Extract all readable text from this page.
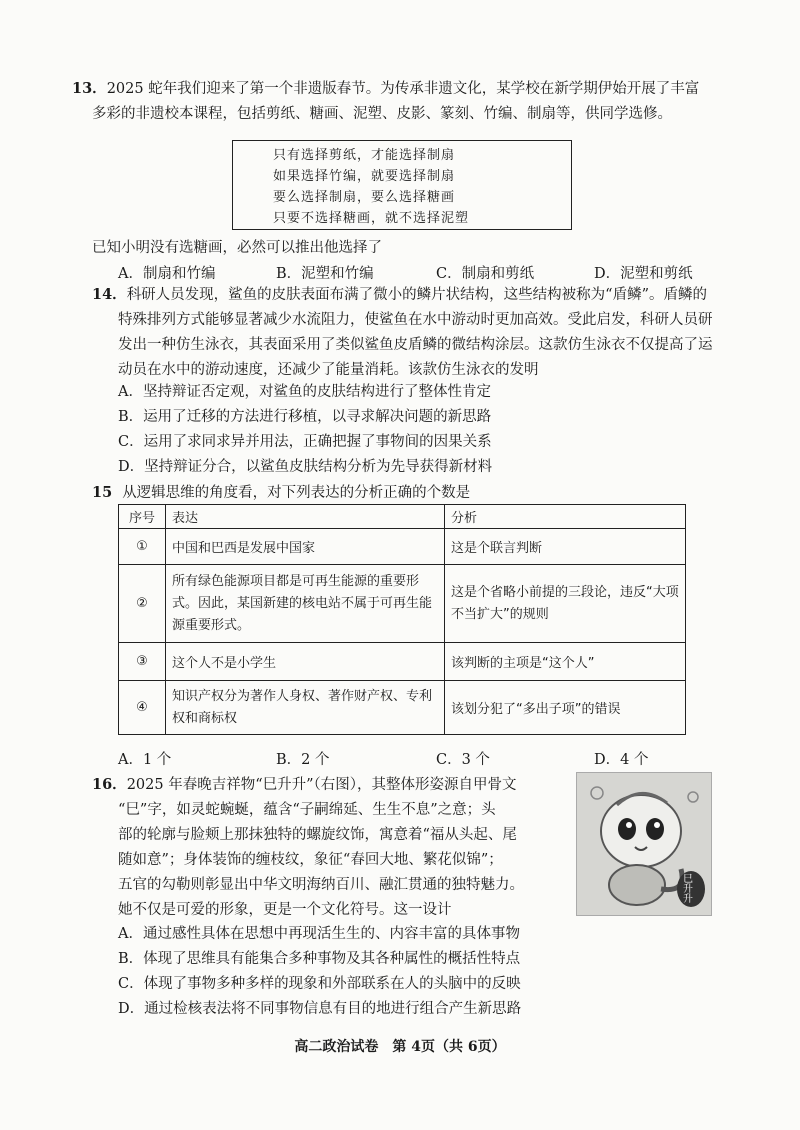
13．2025 蛇年我们迎来了第一个非遗版春节。为传承非遗文化，某学校在新学期伊始开展了丰富多彩的非遗校本课程，包括剪纸、糖画、泥塑、皮影、篆刻、竹编、制扇等，供同学选修。
只有选择剪纸，才能选择制扇
如果选择竹编，就要选择制扇
要么选择制扇，要么选择糖画
只要不选择糖画，就不选择泥塑
已知小明没有选糖画，必然可以推出他选择了
A．制扇和竹编	B．泥塑和竹编	C．制扇和剪纸	D．泥塑和剪纸
14．科研人员发现，鲨鱼的皮肤表面布满了微小的鳞片状结构，这些结构被称为“盾鳞”。盾鳞的特殊排列方式能够显著减少水流阻力，使鲨鱼在水中游动时更加高效。受此启发，科研人员研发出一种仿生泳衣，其表面采用了类似鲨鱼皮盾鳞的微结构涂层。这款仿生泳衣不仅提高了运动员在水中的游动速度，还减少了能量消耗。该款仿生泳衣的发明
A．坚持辩证否定观，对鲨鱼的皮肤结构进行了整体性肯定
B．运用了迁移的方法进行移植，以寻求解决问题的新思路
C．运用了求同求异并用法，正确把握了事物间的因果关系
D．坚持辩证分合，以鲨鱼皮肤结构分析为先导获得新材料
15 从逻辑思维的角度看，对下列表达的分析正确的个数是
序号	表达	分析
①	中国和巴西是发展中国家	这是个联言判断
②	所有绿色能源项目都是可再生能源的重要形式。因此，某国新建的核电站不属于可再生能源重要形式。	这是个省略小前提的三段论，违反“大项不当扩大”的规则
③	这个人不是小学生	该判断的主项是“这个人”
④	知识产权分为著作人身权、著作财产权、专利权和商标权	该划分犯了“多出子项”的错误
A．1 个	B．2 个	C．3 个	D．4 个
16．2025 年春晚吉祥物“巳升升”（右图），其整体形姿源自甲骨文
“巳”字，如灵蛇蜿蜒，蕴含“子嗣绵延、生生不息”之意；头
部的轮廓与脸颊上那抹独特的螺旋纹饰，寓意着“福从头起、尾
随如意”；身体装饰的缠枝纹，象征“春回大地、繁花似锦”；
五官的勾勒则彰显出中华文明海纳百川、融汇贯通的独特魅力。
她不仅是可爱的形象，更是一个文化符号。这一设计
巳升升
A．通过感性具体在思想中再现活生生的、内容丰富的具体事物
B．体现了思维具有能集合多种事物及其各种属性的概括性特点
C．体现了事物多种多样的现象和外部联系在人的头脑中的反映
D．通过检核表法将不同事物信息有目的地进行组合产生新思路
高二政治试卷　第 4页（共 6页）
